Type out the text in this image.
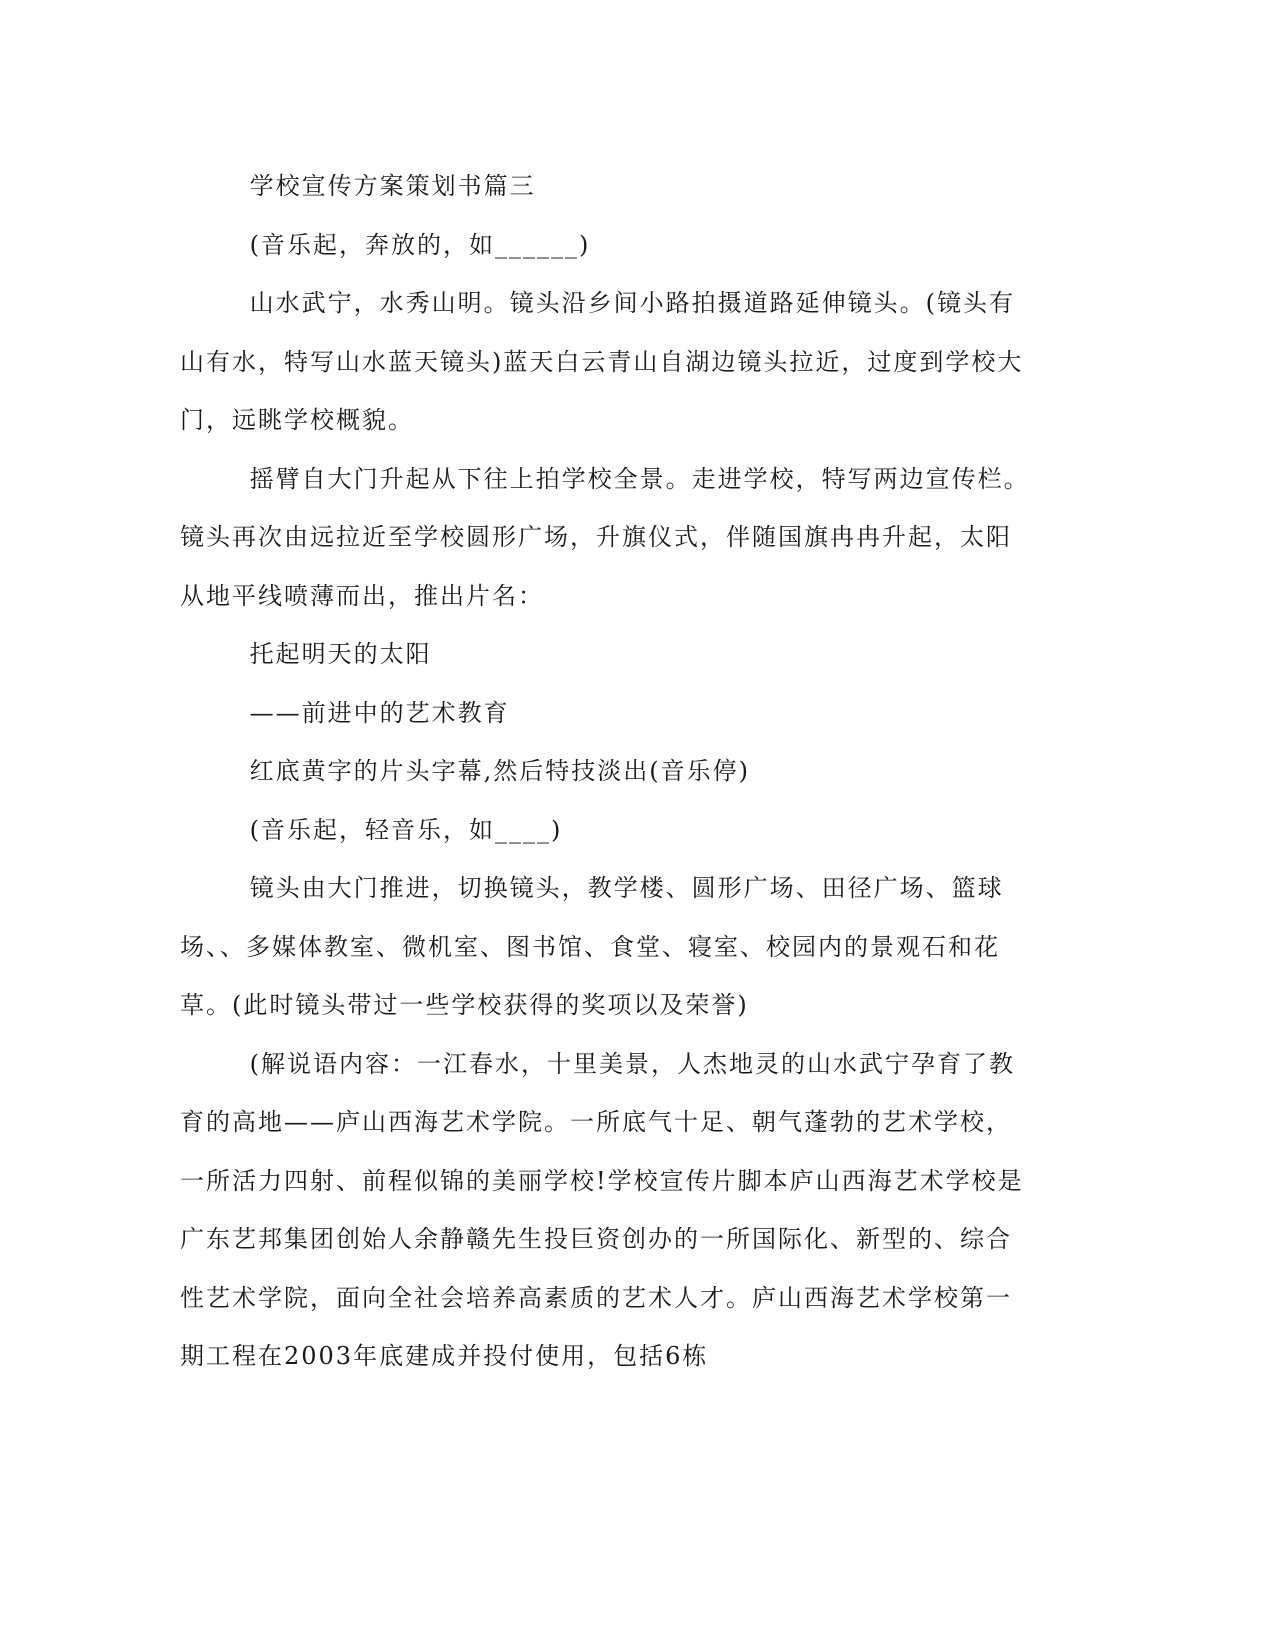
学校宣传方案策划书篇三

(音乐起，奔放的，如______)

山水武宁，水秀山明。镜头沿乡间小路拍摄道路延伸镜头。(镜头有山有水，特写山水蓝天镜头)蓝天白云青山自湖边镜头拉近，过度到学校大门，远眺学校概貌。

摇臂自大门升起从下往上拍学校全景。走进学校，特写两边宣传栏。镜头再次由远拉近至学校圆形广场，升旗仪式，伴随国旗冉冉升起，太阳从地平线喷薄而出，推出片名：

托起明天的太阳

——前进中的艺术教育

红底黄字的片头字幕,然后特技淡出(音乐停)

(音乐起，轻音乐，如____)

镜头由大门推进，切换镜头，教学楼、圆形广场、田径广场、篮球场、、多媒体教室、微机室、图书馆、食堂、寝室、校园内的景观石和花草。(此时镜头带过一些学校获得的奖项以及荣誉)

(解说语内容：一江春水，十里美景，人杰地灵的山水武宁孕育了教育的高地——庐山西海艺术学院。一所底气十足、朝气蓬勃的艺术学校，一所活力四射、前程似锦的美丽学校!学校宣传片脚本庐山西海艺术学校是广东艺邦集团创始人余静赣先生投巨资创办的一所国际化、新型的、综合性艺术学院，面向全社会培养高素质的艺术人才。庐山西海艺术学校第一期工程在2003年底建成并投付使用，包括6栋
